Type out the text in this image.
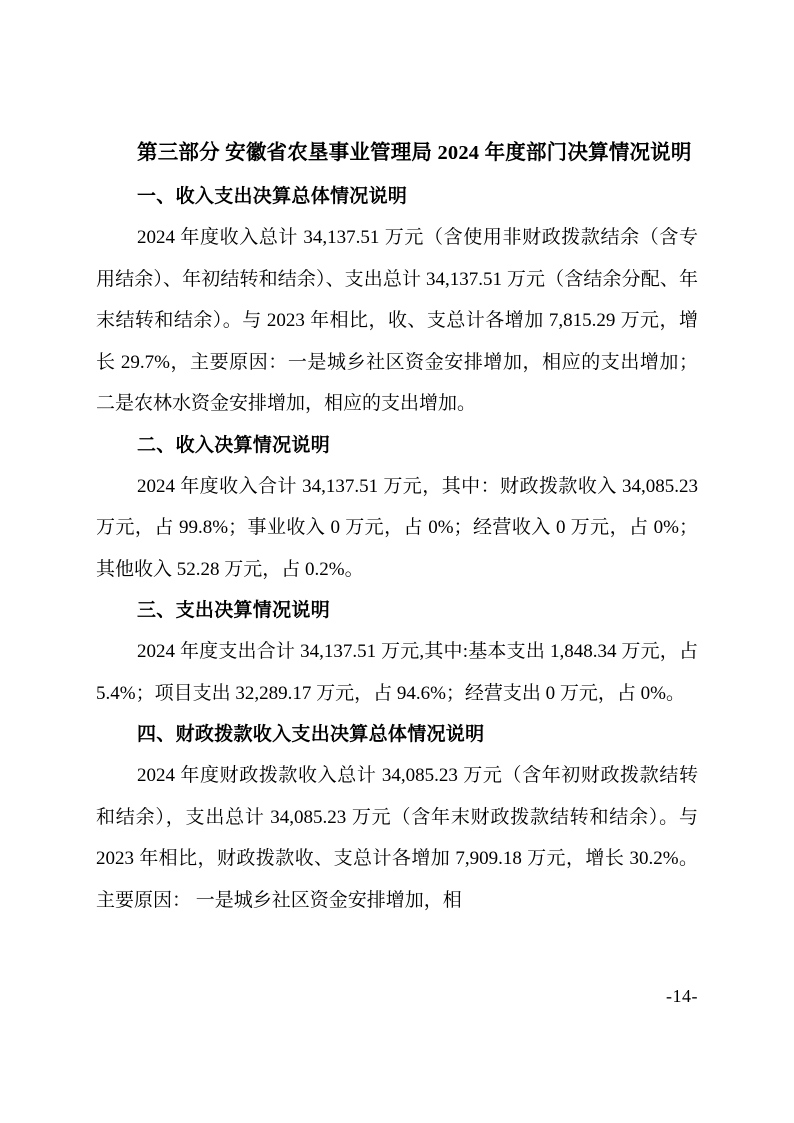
第三部分 安徽省农垦事业管理局 2024 年度部门决算情况说明
一、收入支出决算总体情况说明

2024 年度收入总计 34,137.51 万元（含使用非财政拨款结余（含专用结余）、年初结转和结余）、支出总计 34,137.51 万元（含结余分配、年末结转和结余）。与 2023 年相比，收、支总计各增加 7,815.29 万元，增长 29.7%，主要原因：一是城乡社区资金安排增加，相应的支出增加；二是农林水资金安排增加，相应的支出增加。

二、收入决算情况说明

2024 年度收入合计 34,137.51 万元，其中：财政拨款收入 34,085.23 万元，占 99.8%；事业收入 0 万元，占 0%；经营收入 0 万元，占 0%；其他收入 52.28 万元，占 0.2%。

三、支出决算情况说明

2024 年度支出合计 34,137.51 万元,其中:基本支出 1,848.34 万元，占 5.4%；项目支出 32,289.17 万元，占 94.6%；经营支出 0 万元，占 0%。

四、财政拨款收入支出决算总体情况说明

2024 年度财政拨款收入总计 34,085.23 万元（含年初财政拨款结转和结余），支出总计 34,085.23 万元（含年末财政拨款结转和结余）。与 2023 年相比，财政拨款收、支总计各增加 7,909.18 万元，增长 30.2%。主要原因： 一是城乡社区资金安排增加，相

-14-
